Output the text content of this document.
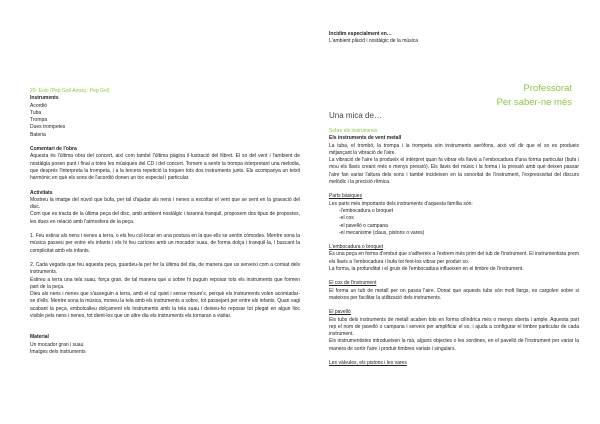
20- Eolo (Pep Gol/ Arranj.: Pep Gol)

Instruments

Acordió

Tuba

Trompa

Dues trompetes

Bateria

Comentari de l'obra

Aquesta és l'última obra del concert, així com també l'última pàgina il·lustració del llibret. El so del vent i l'ambient de nostàlgia posen punt i final a totes les músiques del CD i del concert. Tornem a sentir la trompa interpretant una melodia, que després l'interpreta la trompeta, i a la tercera repetició la toquen tots dos instruments junts. Els acompanya un teixit harmònic en què els sons de l'acordió donen un toc especial i particular.

Activitats

Mostreu la imatge del núvol que bufa, per tal d'ajudar als nens i nenes a escoltar el vent que se sent en la gravació del disc.

Com que es tracta de la última peça del disc, amb ambient nostàlgic i tarannà tranquil, proposem dos tipus de propostes, les dues en relació amb l'atmosfera de la peça.

1. Feu estirar als nens i nenes a terra, o els feu col·locar en una postura en la que ells se sentin còmodes. Mentre sona la música passeu per entre els infants i els hi feu carícies amb un mocador suau, de forma dolça i tranquil·la, i buscant la complicitat amb els infants.

2. Cada vegada que feu aquesta peça, guardeu-la per fer la última del dia, de manera que us serveixi com a comiat dels instruments.

Estireu a terra una tela suau, força gran, de tal manera que a sobre hi puguin reposar tots els instruments que formen part de la peça.

Dieu als nens i nenes que s'asseguin a terra, amb el cul quiet i sense moure's, perquè els instruments volen acomiadar-se d'ells. Mentre sona la música, moveu la tela amb els instruments a sobre, tot passejant per entre els infants. Quan vagi acabant la peça, embolcalleu dolçament els instruments amb la tela suau i deixeu-ho reposar tot plegat en algun lloc visible pels nens i nenes, tot dient-los que un altre dia els instruments els tornaran a visitar.

Material

Un mocador gran i suau

Imatges dels instruments

Incidim especialment en…

L'ambient plàcid i nostàlgic de la música

Professorat
Per saber-ne més

Una mica de…

Sobre els instruments

Els instruments de vent metall

La tuba, el trombó, la trompa i la trompeta són instruments aeròfons, això vol dir que el so es produeix mitjançant la vibració de l'aire.

La vibració de l'aire la produeix el intèrpret quan fa vibrar els llavis a l'embocadura d'una forma particular (bufa i mou els llavis creant més o menys pressió). Els llavis del músic i la forma i la pressió amb què deixen passar l'aire fan variar l'altura dels sons i també incideixen en la sonoritat de l'instrument, l'expressivitat del discurs melòdic i la precisió rítmica.

Parts bàsiques

Les parts més importants dels instruments d'aquesta família són:

-l'embocadura o broquet

-el cos

-el pavelló o campana

-el mecanisme (claus, pistons o vares)

L'embocadura o broquet

És una peça en forma d'embut que s'adhereix a l'extrem més prim del tub de l'instrument. El instrumentista prem els llavis a l'embocadura i bufa tot fent-los vibrar per produir so.

La forma, la profunditat i el gruix de l'embocadura influeixen en el timbre de l'instrument.

El cos de l'instrument

El forma un tub de metall per on passa l'aire. Donat que aquests tubs són molt llargs, es cargolen sobre si mateixos per facilitar la utilització dels instruments.

El pavelló

Els tubs dels instruments de metall acaben tots en forma cilíndrica més o menys oberta i ample. Aquesta part rep el nom de pavelló o campana i serveix per amplificar el so, i ajuda a configurar el timbre particular de cada instrument.

Els instrumentistes introdueixen la mà, alguns objectes o les sordines, en el pavelló de l'instrument per variar la manera de sortir l'aire i produir timbres variats i singulars.

Les vàlvules, els pistons i les vares
